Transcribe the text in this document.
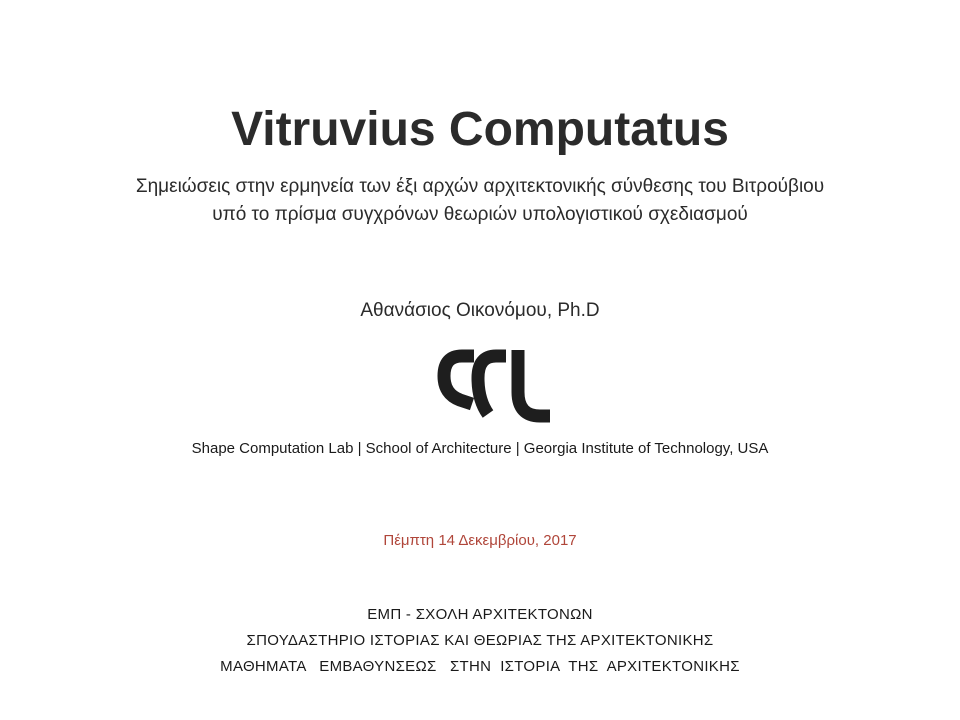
Vitruvius Computatus
Σημειώσεις στην ερμηνεία των έξι αρχών αρχιτεκτονικής σύνθεσης του Βιτρούβιου
υπό το πρίσμα συγχρόνων θεωριών υπολογιστικού σχεδιασμού
Αθανάσιος Οικονόμου, Ph.D
Shape Computation Lab | School of Architecture | Georgia Institute of Technology, USA
Πέμπτη 14 Δεκεμβρίου, 2017
ΕΜΠ - ΣΧΟΛΗ ΑΡΧΙΤΕΚΤΟΝΩΝ
ΣΠΟΥΔΑΣΤΗΡΙΟ ΙΣΤΟΡΙΑΣ ΚΑΙ ΘΕΩΡΙΑΣ ΤΗΣ ΑΡΧΙΤΕΚΤΟΝΙΚΗΣ
ΜΑΘΗΜΑΤΑ   ΕΜΒΑΘΥΝΣΕΩΣ   ΣΤΗΝ  ΙΣΤΟΡΙΑ  ΤΗΣ  ΑΡΧΙΤΕΚΤΟΝΙΚΗΣ
